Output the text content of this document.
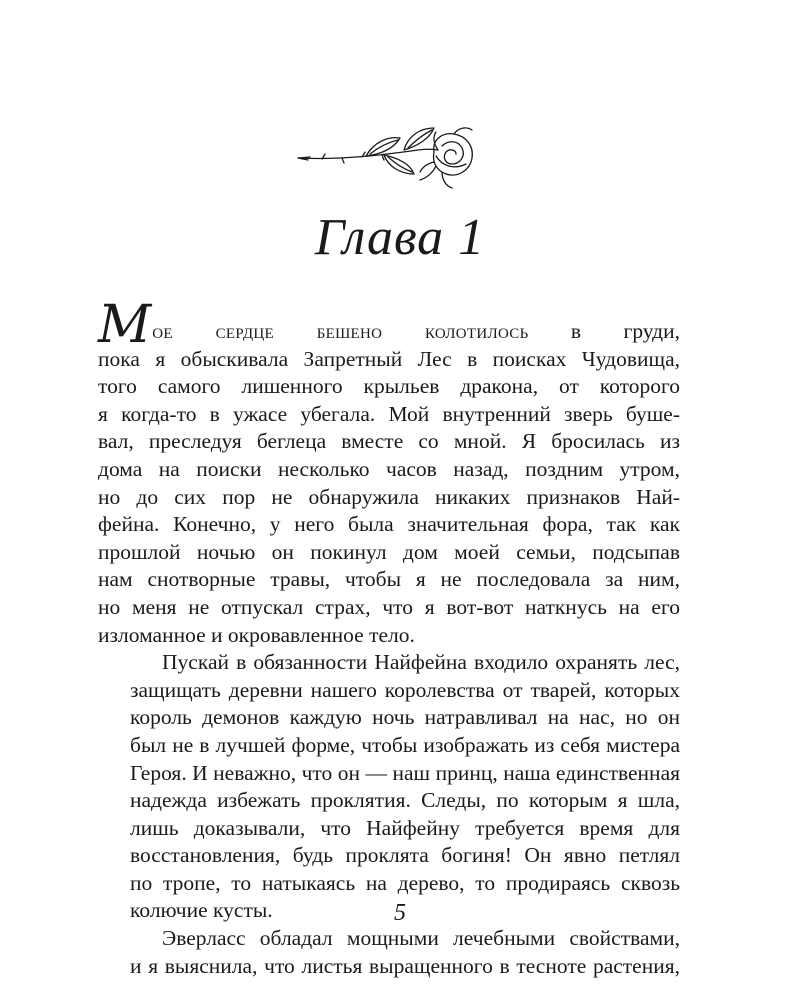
Глава 1
Мое сердце бешено колотилось в груди,
пока я обыскивала Запретный Лес в поисках Чудовища,
того самого лишенного крыльев дракона, от которого
я когда-то в ужасе убегала. Мой внутренний зверь буше-
вал, преследуя беглеца вместе со мной. Я бросилась из
дома на поиски несколько часов назад, поздним утром,
но до сих пор не обнаружила никаких признаков Най-
фейна. Конечно, у него была значительная фора, так как
прошлой ночью он покинул дом моей семьи, подсыпав
нам снотворные травы, чтобы я не последовала за ним,
но меня не отпускал страх, что я вот-вот наткнусь на его
изломанное и окровавленное тело.
Пускай в обязанности Найфейна входило охранять лес,
защищать деревни нашего королевства от тварей, которых
король демонов каждую ночь натравливал на нас, но он
был не в лучшей форме, чтобы изображать из себя мистера
Героя. И неважно, что он — наш принц, наша единственная
надежда избежать проклятия. Следы, по которым я шла,
лишь доказывали, что Найфейну требуется время для
восстановления, будь проклята богиня! Он явно петлял
по тропе, то натыкаясь на дерево, то продираясь сквозь
колючие кусты.
Эверласс обладал мощными лечебными свойствами,
и я выяснила, что листья выращенного в тесноте растения,
5
